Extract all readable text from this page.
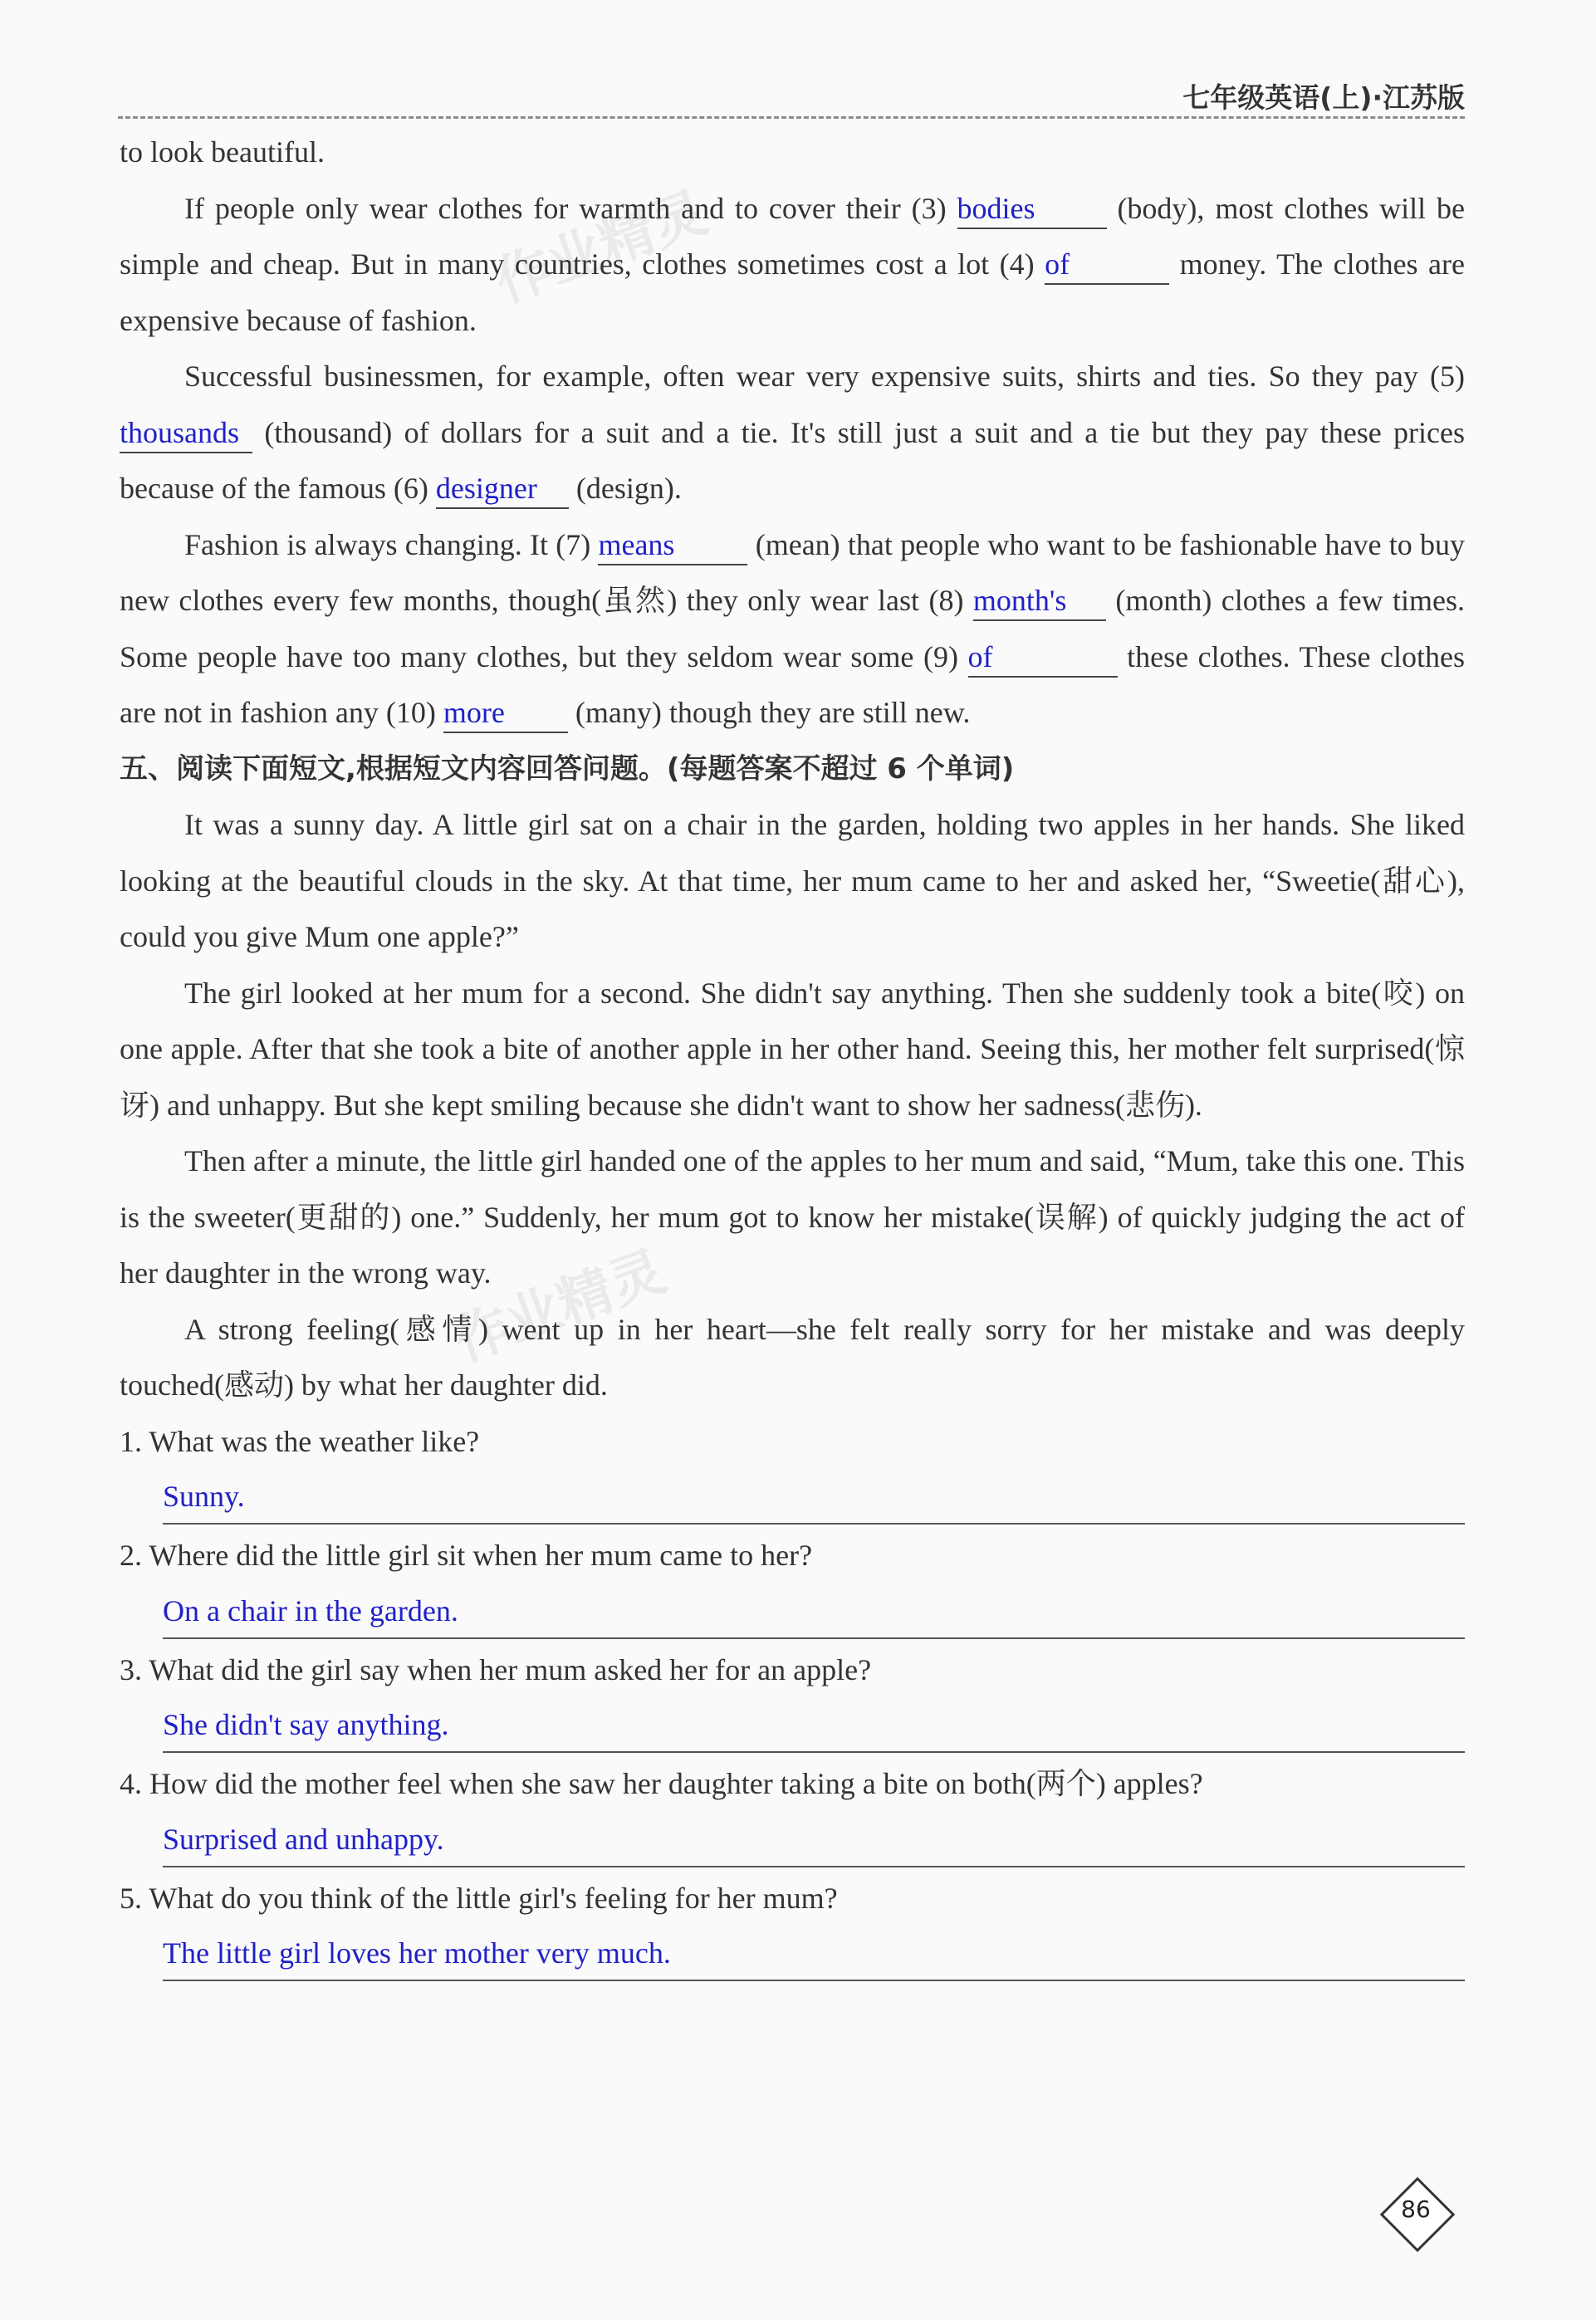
七年级英语(上)·江苏版
作业精灵
作业精灵

to look beautiful.

If people only wear clothes for warmth and to cover their (3) bodies	(body), most clothes will be simple and cheap. But in many countries, clothes sometimes cost a lot (4) of	money. The clothes are expensive because of fashion.

Successful businessmen, for example, often wear very expensive suits, shirts and ties. So they pay (5) thousands (thousand) of dollars for a suit and a tie. It's still just a suit and a tie but they pay these prices because of the famous (6) designer (design).

Fashion is always changing. It (7) means	(mean) that people who want to be fashionable have to buy new clothes every few months, though(虽然) they only wear last (8) month's (month) clothes a few times. Some people have too many clothes, but they seldom wear some (9) of	these clothes. These clothes are not in fashion any (10) more (many) though they are still new.

五、阅读下面短文,根据短文内容回答问题。(每题答案不超过 6 个单词)

It was a sunny day. A little girl sat on a chair in the garden, holding two apples in her hands. She liked looking at the beautiful clouds in the sky. At that time, her mum came to her and asked her, “Sweetie(甜心), could you give Mum one apple?”

The girl looked at her mum for a second. She didn't say anything. Then she suddenly took a bite(咬) on one apple. After that she took a bite of another apple in her other hand. Seeing this, her mother felt surprised(惊讶) and unhappy. But she kept smiling because she didn't want to show her sadness(悲伤).

Then after a minute, the little girl handed one of the apples to her mum and said, “Mum, take this one. This is the sweeter(更甜的) one.” Suddenly, her mum got to know her mistake(误解) of quickly judging the act of her daughter in the wrong way.

A strong feeling(感情) went up in her heart—she felt really sorry for her mistake and was deeply touched(感动) by what her daughter did.

1. What was the weather like?

Sunny.

2. Where did the little girl sit when her mum came to her?

On a chair in the garden.

3. What did the girl say when her mum asked her for an apple?

She didn't say anything.

4. How did the mother feel when she saw her daughter taking a bite on both(两个) apples?

Surprised and unhappy.

5. What do you think of the little girl's feeling for her mum?

The little girl loves her mother very much.
86
